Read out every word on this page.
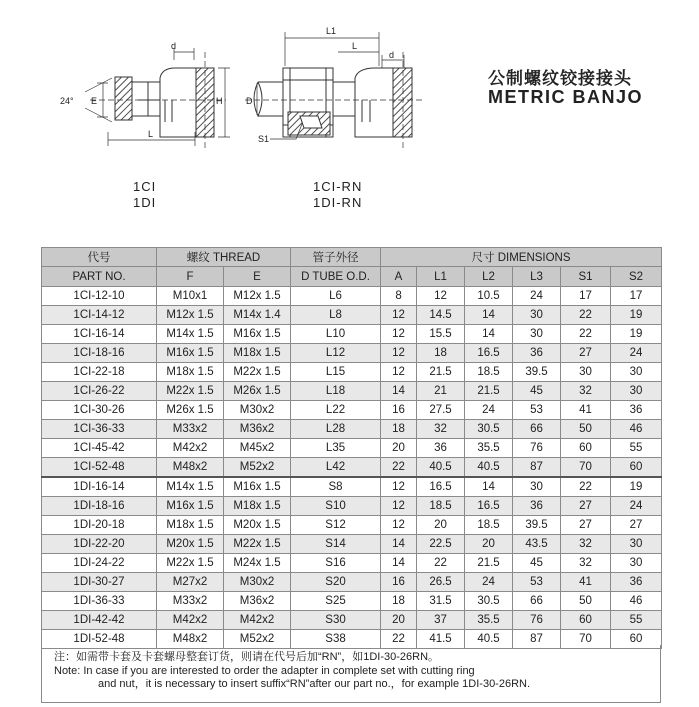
d
24° E	H
L
L1
L
d
D
S1
公制螺纹铰接接头
METRIC BANJO
1CI
1DI
1CI-RN
1DI-RN
代号	螺纹 THREAD		管子外径	尺寸 DIMENSIONS					
PART NO.	F	E	D TUBE O.D.	A	L1	L2	L3	S1	S2
1CI-12-10	M10x1	M12x 1.5	L6	8	12	10.5	24	17	17
1CI-14-12	M12x 1.5	M14x 1.4	L8	12	14.5	14	30	22	19
1CI-16-14	M14x 1.5	M16x 1.5	L10	12	15.5	14	30	22	19
1CI-18-16	M16x 1.5	M18x 1.5	L12	12	18	16.5	36	27	24
1CI-22-18	M18x 1.5	M22x 1.5	L15	12	21.5	18.5	39.5	30	30
1CI-26-22	M22x 1.5	M26x 1.5	L18	14	21	21.5	45	32	30
1CI-30-26	M26x 1.5	M30x2	L22	16	27.5	24	53	41	36
1CI-36-33	M33x2	M36x2	L28	18	32	30.5	66	50	46
1CI-45-42	M42x2	M45x2	L35	20	36	35.5	76	60	55
1CI-52-48	M48x2	M52x2	L42	22	40.5	40.5	87	70	60
1DI-16-14	M14x 1.5	M16x 1.5	S8	12	16.5	14	30	22	19
1DI-18-16	M16x 1.5	M18x 1.5	S10	12	18.5	16.5	36	27	24
1DI-20-18	M18x 1.5	M20x 1.5	S12	12	20	18.5	39.5	27	27
1DI-22-20	M20x 1.5	M22x 1.5	S14	14	22.5	20	43.5	32	30
1DI-24-22	M22x 1.5	M24x 1.5	S16	14	22	21.5	45	32	30
1DI-30-27	M27x2	M30x2	S20	16	26.5	24	53	41	36
1DI-36-33	M33x2	M36x2	S25	18	31.5	30.5	66	50	46
1DI-42-42	M42x2	M42x2	S30	20	37	35.5	76	60	55
1DI-52-48	M48x2	M52x2	S38	22	41.5	40.5	87	70	60
注：如需带卡套及卡套螺母整套订货，则请在代号后加“RN”，如1DI-30-26RN。
Note: In case if you are interested to order the adapter in complete set with cutting ring
and nut，it is necessary to insert suffix“RN”after our part no.，for example 1DI-30-26RN.
